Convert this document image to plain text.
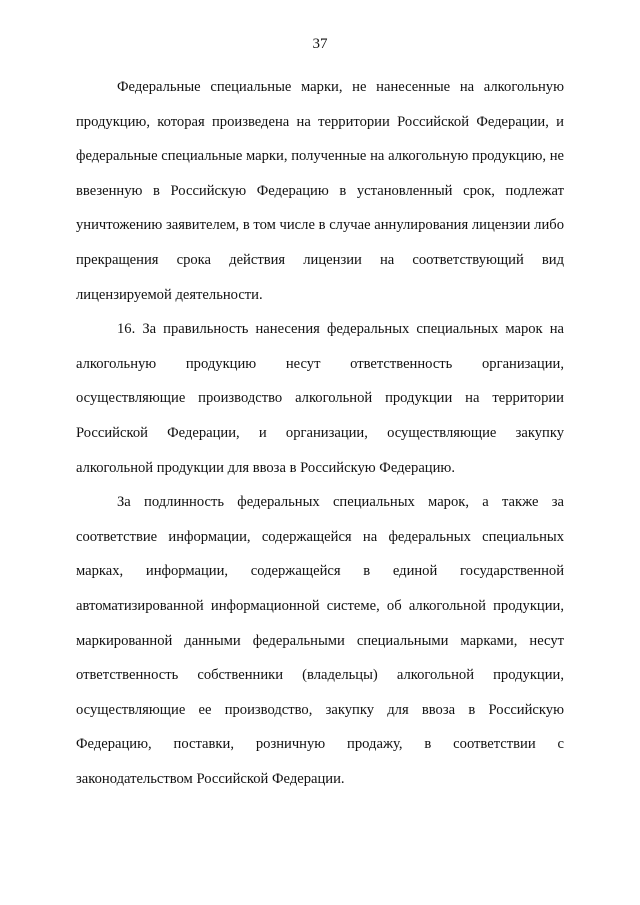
37

Федеральные специальные марки, не нанесенные на алкогольную продукцию, которая произведена на территории Российской Федерации, и федеральные специальные марки, полученные на алкогольную продукцию, не ввезенную в Российскую Федерацию в установленный срок, подлежат уничтожению заявителем, в том числе в случае аннулирования лицензии либо прекращения срока действия лицензии на соответствующий вид лицензируемой деятельности.

16. За правильность нанесения федеральных специальных марок на алкогольную продукцию несут ответственность организации, осуществляющие производство алкогольной продукции на территории Российской Федерации, и организации, осуществляющие закупку алкогольной продукции для ввоза в Российскую Федерацию.

За подлинность федеральных специальных марок, а также за соответствие информации, содержащейся на федеральных специальных марках, информации, содержащейся в единой государственной автоматизированной информационной системе, об алкогольной продукции, маркированной данными федеральными специальными марками, несут ответственность собственники (владельцы) алкогольной продукции, осуществляющие ее производство, закупку для ввоза в Российскую Федерацию, поставки, розничную продажу, в соответствии с законодательством Российской Федерации.
